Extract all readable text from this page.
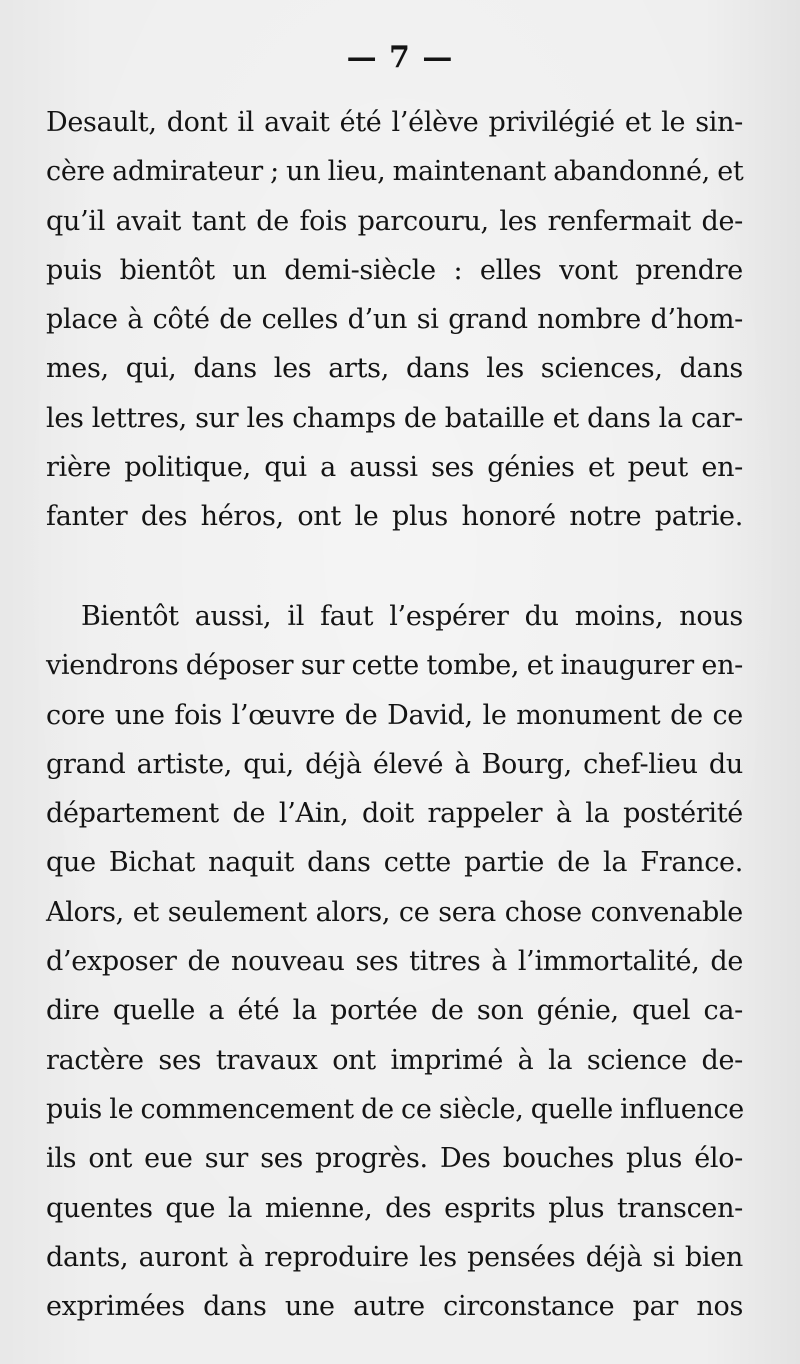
— 7 —
Desault, dont il avait été l’élève privilégié et le sin-
cère admirateur ; un lieu, maintenant abandonné, et
qu’il avait tant de fois parcouru, les renfermait de-
puis bientôt un demi-siècle : elles vont prendre
place à côté de celles d’un si grand nombre d’hom-
mes, qui, dans les arts, dans les sciences, dans
les lettres, sur les champs de bataille et dans la car-
rière politique, qui a aussi ses génies et peut en-
fanter des héros, ont le plus honoré notre patrie.
Bientôt aussi, il faut l’espérer du moins, nous
viendrons déposer sur cette tombe, et inaugurer en-
core une fois l’œuvre de David, le monument de ce
grand artiste, qui, déjà élevé à Bourg, chef-lieu du
département de l’Ain, doit rappeler à la postérité
que Bichat naquit dans cette partie de la France.
Alors, et seulement alors, ce sera chose convenable
d’exposer de nouveau ses titres à l’immortalité, de
dire quelle a été la portée de son génie, quel ca-
ractère ses travaux ont imprimé à la science de-
puis le commencement de ce siècle, quelle influence
ils ont eue sur ses progrès. Des bouches plus élo-
quentes que la mienne, des esprits plus transcen-
dants, auront à reproduire les pensées déjà si bien
exprimées dans une autre circonstance par nos
